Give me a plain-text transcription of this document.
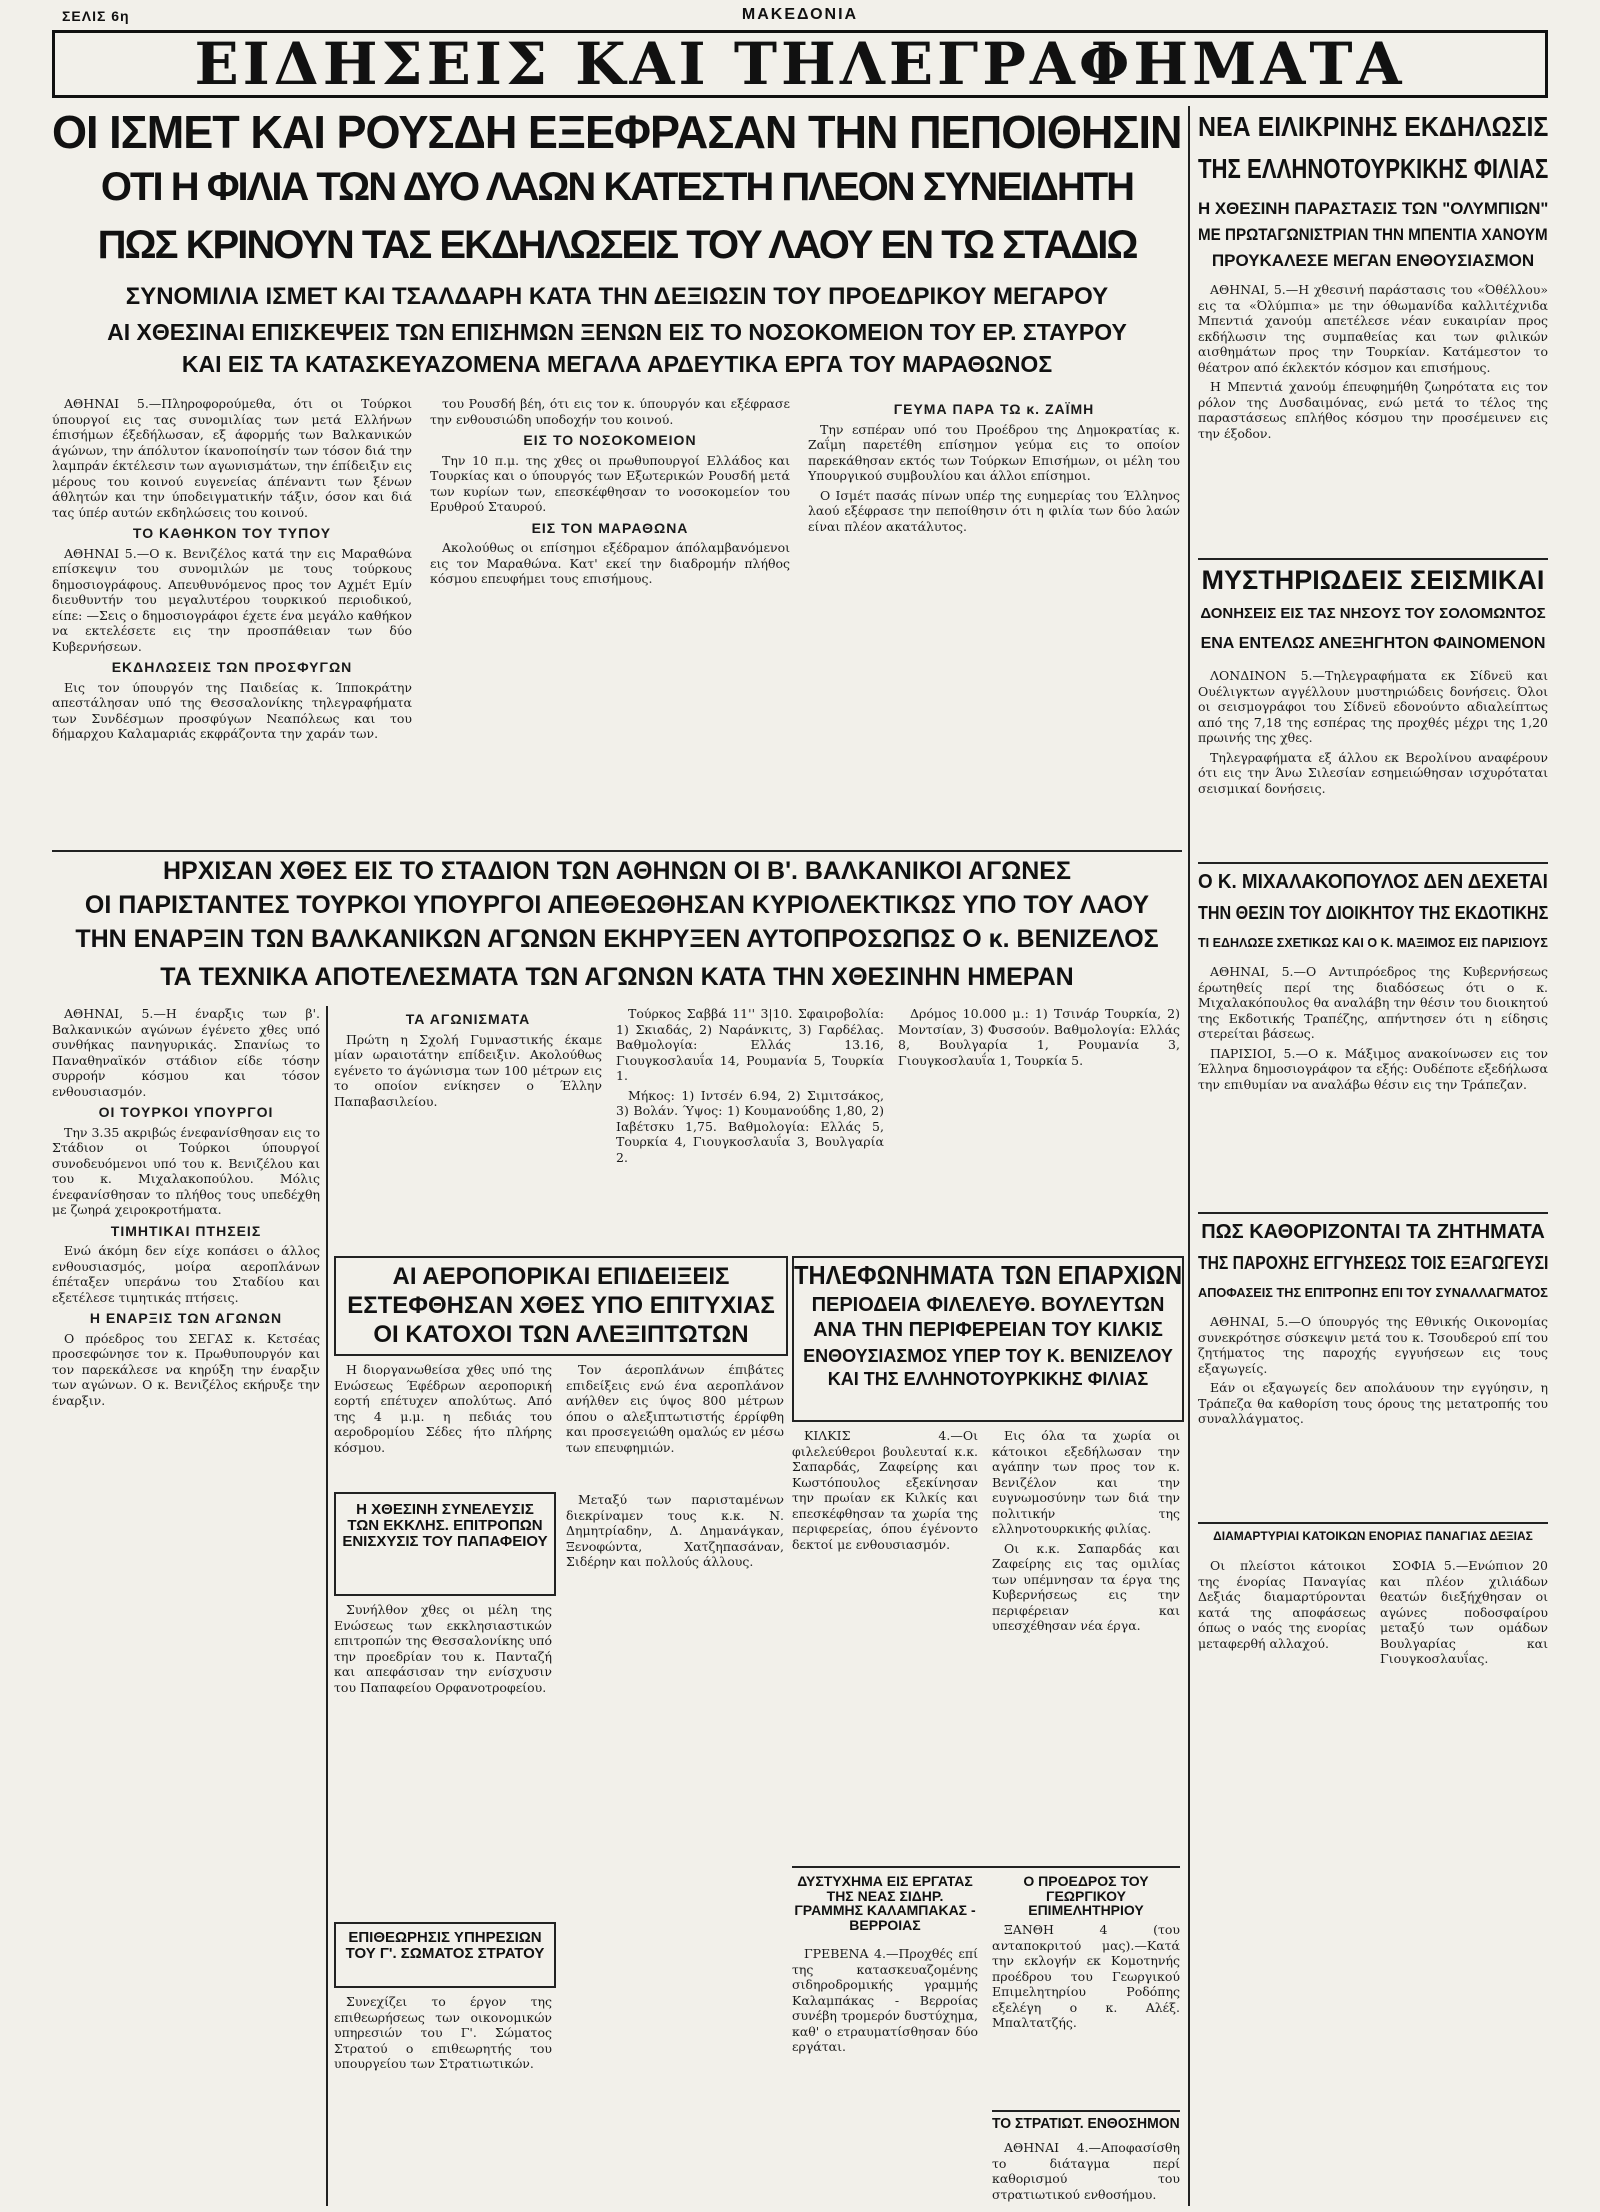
ΣΕΛΙΣ 6η	ΜΑΚΕΔΟΝΙΑ
ΕΙΔΗΣΕΙΣ ΚΑΙ ΤΗΛΕΓΡΑΦΗΜΑΤΑ
ΟΙ ΙΣΜΕΤ ΚΑΙ ΡΟΥΣΔΗ ΕΞΕΦΡΑΣΑΝ ΤΗΝ ΠΕΠΟΙΘΗΣΙΝ
ΟΤΙ Η ΦΙΛΙΑ ΤΩΝ ΔΥΟ ΛΑΩΝ ΚΑΤΕΣΤΗ ΠΛΕΟΝ ΣΥΝΕΙΔΗΤΗ
ΠΩΣ ΚΡΙΝΟΥΝ ΤΑΣ ΕΚΔΗΛΩΣΕΙΣ ΤΟΥ ΛΑΟΥ ΕΝ ΤΩ ΣΤΑΔΙΩ
ΣΥΝΟΜΙΛΙΑ ΙΣΜΕΤ ΚΑΙ ΤΣΑΛΔΑΡΗ ΚΑΤΑ ΤΗΝ ΔΕΞΙΩΣΙΝ ΤΟΥ ΠΡΟΕΔΡΙΚΟΥ ΜΕΓΑΡΟΥ
ΑΙ ΧΘΕΣΙΝΑΙ ΕΠΙΣΚΕΨΕΙΣ ΤΩΝ ΕΠΙΣΗΜΩΝ ΞΕΝΩΝ ΕΙΣ ΤΟ ΝΟΣΟΚΟΜΕΙΟΝ ΤΟΥ ΕΡ. ΣΤΑΥΡΟΥ
ΚΑΙ ΕΙΣ ΤΑ ΚΑΤΑΣΚΕΥΑΖΟΜΕΝΑ ΜΕΓΑΛΑ ΑΡΔΕΥΤΙΚΑ ΕΡΓΑ ΤΟΥ ΜΑΡΑΘΩΝΟΣ

ΑΘΗΝΑΙ 5.—Πληροφορούμεθα, ότι οι Τούρκοι ύπουργοί εις τας συνομιλίας των μετά Ελλήνων έπισήμων έξεδήλωσαν, εξ άφορμής των Βαλκανικών άγώνων, την άπόλυτον ίκανοποίησίν των τόσον διά την λαμπράν έκτέλεσιν των αγωνισμάτων, την έπίδειξιν εις μέρους του κοινού ευγενείας άπέναντι των ξένων άθλητών και την ύποδειγματικήν τάξιν, όσον και διά τας ύπέρ αυτών εκδηλώσεις του κοινού.

ΤΟ ΚΑΘΗΚΟΝ ΤΟΥ ΤΥΠΟΥ

ΑΘΗΝΑΙ 5.—Ο κ. Βενιζέλος κατά την εις Μαραθώνα επίσκεψιν του συνομιλών με τους τούρκους δημοσιογράφους. Απευθυνόμενος προς τον Αχμέτ Εμίν διευθυντήν του μεγαλυτέρου τουρκικού περιοδικού, είπε: —Σεις ο δημοσιογράφοι έχετε ένα μεγάλο καθήκον να εκτελέσετε εις την προσπάθειαν των δύο Κυβερνήσεων.

ΕΚΔΗΛΩΣΕΙΣ ΤΩΝ ΠΡΟΣΦΥΓΩΝ

Εις τον ύπουργόν της Παιδείας κ. Ίπποκράτην απεστάλησαν υπό της Θεσσαλονίκης τηλεγραφήματα των Συνδέσμων προσφύγων Νεαπόλεως και του δήμαρχου Καλαμαριάς εκφράζοντα την χαράν των.

του Ρουσδή βέη, ότι εις τον κ. ύπουργόν και εξέφρασε την ενθουσιώδη υποδοχήν του κοινού.

ΕΙΣ ΤΟ ΝΟΣΟΚΟΜΕΙΟΝ

Την 10 π.μ. της χθες οι πρωθυπουργοί Ελλάδος και Τουρκίας και ο ύπουργός των Εξωτερικών Ρουσδή μετά των κυρίων των, επεσκέφθησαν το νοσοκομείον του Ερυθρού Σταυρού.

ΕΙΣ ΤΟΝ ΜΑΡΑΘΩΝΑ

Ακολούθως οι επίσημοι εξέδραμον άπόλαμβανόμενοι εις τον Μαραθώνα. Κατ' εκεί την διαδρομήν πλήθος κόσμου επευφήμει τους επισήμους.

ΓΕΥΜΑ ΠΑΡΑ ΤΩ κ. ΖΑΪΜΗ

Την εσπέραν υπό του Προέδρου της Δημοκρατίας κ. Ζαΐμη παρετέθη επίσημον γεύμα εις το οποίον παρεκάθησαν εκτός των Τούρκων Επισήμων, οι μέλη του Υπουργικού συμβουλίου και άλλοι επίσημοι.

Ο Ισμέτ πασάς πίνων υπέρ της ευημερίας του Έλληνος λαού εξέφρασε την πεποίθησιν ότι η φιλία των δύο λαών είναι πλέον ακατάλυτος.

ΗΡΧΙΣΑΝ ΧΘΕΣ ΕΙΣ ΤΟ ΣΤΑΔΙΟΝ ΤΩΝ ΑΘΗΝΩΝ ΟΙ Β'. ΒΑΛΚΑΝΙΚΟΙ ΑΓΩΝΕΣ
ΟΙ ΠΑΡΙΣΤΑΝΤΕΣ ΤΟΥΡΚΟΙ ΥΠΟΥΡΓΟΙ ΑΠΕΘΕΩΘΗΣΑΝ ΚΥΡΙΟΛΕΚΤΙΚΩΣ ΥΠΟ ΤΟΥ ΛΑΟΥ
ΤΗΝ ΕΝΑΡΞΙΝ ΤΩΝ ΒΑΛΚΑΝΙΚΩΝ ΑΓΩΝΩΝ ΕΚΗΡΥΞΕΝ ΑΥΤΟΠΡΟΣΩΠΩΣ Ο κ. ΒΕΝΙΖΕΛΟΣ
ΤΑ ΤΕΧΝΙΚΑ ΑΠΟΤΕΛΕΣΜΑΤΑ ΤΩΝ ΑΓΩΝΩΝ ΚΑΤΑ ΤΗΝ ΧΘΕΣΙΝΗΝ ΗΜΕΡΑΝ

ΑΘΗΝΑΙ, 5.—Η έναρξις των β'. Βαλκανικών αγώνων έγένετο χθες υπό συνθήκας πανηγυρικάς. Σπανίως το Παναθηναϊκόν στάδιον είδε τόσην συρροήν κόσμου και τόσον ενθουσιασμόν.

ΟΙ ΤΟΥΡΚΟΙ ΥΠΟΥΡΓΟΙ

Την 3.35 ακριβώς ένεφανίσθησαν εις το Στάδιον οι Τούρκοι ύπουργοί συνοδευόμενοι υπό του κ. Βενιζέλου και του κ. Μιχαλακοπούλου. Μόλις ένεφανίσθησαν το πλήθος τους υπεδέχθη με ζωηρά χειροκροτήματα.

ΤΙΜΗΤΙΚΑΙ ΠΤΗΣΕΙΣ

Ενώ άκόμη δεν είχε κοπάσει ο άλλος ενθουσιασμός, μοίρα αεροπλάνων έπέταξεν υπεράνω του Σταδίου και εξετέλεσε τιμητικάς πτήσεις.

Η ΕΝΑΡΞΙΣ ΤΩΝ ΑΓΩΝΩΝ

Ο πρόεδρος του ΣΕΓΑΣ κ. Κετσέας προσεφώνησε τον κ. Πρωθυπουργόν και τον παρεκάλεσε να κηρύξη την έναρξιν των αγώνων. Ο κ. Βενιζέλος εκήρυξε την έναρξιν.

ΤΑ ΑΓΩΝΙΣΜΑΤΑ

Πρώτη η Σχολή Γυμναστικής έκαμε μίαν ωραιοτάτην επίδειξιν. Ακολούθως εγένετο το άγώνισμα των 100 μέτρων εις το οποίον ενίκησεν ο Έλλην Παπαβασιλείου.

Τούρκος Σαββά 11'' 3|10. Σφαιροβολία: 1) Σκιαδάς, 2) Ναράνκιτς, 3) Γαρδέλας. Βαθμολογία: Ελλάς 13.16, Γιουγκοσλαυΐα 14, Ρουμανία 5, Τουρκία 1.

Μήκος: 1) Ιντσέν 6.94, 2) Σιμιτσάκος, 3) Βολάν. Ύψος: 1) Κουμανούδης 1,80, 2) Ιαβέτσκυ 1,75. Βαθμολογία: Ελλάς 5, Τουρκία 4, Γιουγκοσλαυΐα 3, Βουλγαρία 2.

Δρόμος 10.000 μ.: 1) Τσινάρ Τουρκία, 2) Μοντσίαν, 3) Φυσσούν. Βαθμολογία: Ελλάς 8, Βουλγαρία 1, Ρουμανία 3, Γιουγκοσλαυΐα 1, Τουρκία 5.

ΑΙ ΑΕΡΟΠΟΡΙΚΑΙ ΕΠΙΔΕΙΞΕΙΣ
ΕΣΤΕΦΘΗΣΑΝ ΧΘΕΣ ΥΠΟ ΕΠΙΤΥΧΙΑΣ
ΟΙ ΚΑΤΟΧΟΙ ΤΩΝ ΑΛΕΞΙΠΤΩΤΩΝ

Η διοργανωθείσα χθες υπό της Ενώσεως Έφέδρων αεροπορική εορτή επέτυχεν απολύτως. Από της 4 μ.μ. η πεδιάς του αεροδρομίου Σέδες ήτο πλήρης κόσμου.

Τον άεροπλάνων έπιβάτες επιδείξεις ενώ ένα αεροπλάνον ανήλθεν εις ύψος 800 μέτρων όπου ο αλεξιπτωτιστής έρρίφθη και προσεγειώθη ομαλώς εν μέσω των επευφημιών.

Η ΧΘΕΣΙΝΗ ΣΥΝΕΛΕΥΣΙΣ ΤΩΝ ΕΚΚΛΗΣ. ΕΠΙΤΡΟΠΩΝ ΕΝΙΣΧΥΣΙΣ ΤΟΥ ΠΑΠΑΦΕΙΟΥ

Συνήλθον χθες οι μέλη της Ενώσεως των εκκλησιαστικών επιτροπών της Θεσσαλονίκης υπό την προεδρίαν του κ. Πανταζή και απεφάσισαν την ενίσχυσιν του Παπαφείου Ορφανοτροφείου.

Μεταξύ των παρισταμένων διεκρίναμεν τους κ.κ. Ν. Δημητρίαδην, Δ. Δημανάγκαν, Ξενοφώντα, Χατζηπασάναν, Σιδέρην και πολλούς άλλους.

ΕΠΙΘΕΩΡΗΣΙΣ ΥΠΗΡΕΣΙΩΝ ΤΟΥ Γ'. ΣΩΜΑΤΟΣ ΣΤΡΑΤΟΥ

Συνεχίζει το έργον της επιθεωρήσεως των οικονομικών υπηρεσιών του Γ'. Σώματος Στρατού ο επιθεωρητής του υπουργείου των Στρατιωτικών.

ΤΗΛΕΦΩΝΗΜΑΤΑ ΤΩΝ ΕΠΑΡΧΙΩΝ
ΠΕΡΙΟΔΕΙΑ ΦΙΛΕΛΕΥΘ. ΒΟΥΛΕΥΤΩΝ
ΑΝΑ ΤΗΝ ΠΕΡΙΦΕΡΕΙΑΝ ΤΟΥ ΚΙΛΚΙΣ
ΕΝΘΟΥΣΙΑΣΜΟΣ ΥΠΕΡ ΤΟΥ Κ. ΒΕΝΙΖΕΛΟΥ
ΚΑΙ ΤΗΣ ΕΛΛΗΝΟΤΟΥΡΚΙΚΗΣ ΦΙΛΙΑΣ

ΚΙΛΚΙΣ 4.—Οι φιλελεύθεροι βουλευταί κ.κ. Σαπαρδάς, Ζαφείρης και Κωστόπουλος εξεκίνησαν την πρωίαν εκ Κιλκίς και επεσκέφθησαν τα χωρία της περιφερείας, όπου έγένοντο δεκτοί με ενθουσιασμόν.

Εις όλα τα χωρία οι κάτοικοι εξεδήλωσαν την αγάπην των προς τον κ. Βενιζέλον και την ευγνωμοσύνην των διά την πολιτικήν της ελληνοτουρκικής φιλίας.

Οι κ.κ. Σαπαρδάς και Ζαφείρης εις τας ομιλίας των υπέμνησαν τα έργα της Κυβερνήσεως εις την περιφέρειαν και υπεσχέθησαν νέα έργα.

ΔΥΣΤΥΧΗΜΑ ΕΙΣ ΕΡΓΑΤΑΣ ΤΗΣ ΝΕΑΣ ΣΙΔΗΡ. ΓΡΑΜΜΗΣ ΚΑΛΑΜΠΑΚΑΣ - ΒΕΡΡΟΙΑΣ

ΓΡΕΒΕΝΑ 4.—Προχθές επί της κατασκευαζομένης σιδηροδρομικής γραμμής Καλαμπάκας - Βερροίας συνέβη τρομερόν δυστύχημα, καθ' ο ετραυματίσθησαν δύο εργάται.

Ο ΠΡΟΕΔΡΟΣ ΤΟΥ ΓΕΩΡΓΙΚΟΥ ΕΠΙΜΕΛΗΤΗΡΙΟΥ

ΞΑΝΘΗ 4 (του ανταποκριτού μας).—Κατά την εκλογήν εκ Κομοτηνής προέδρου του Γεωργικού Επιμελητηρίου Ροδόπης εξελέγη ο κ. Αλέξ. Μπαλτατζής.

ΤΟ ΣΤΡΑΤΙΩΤ. ΕΝΘΟΣΗΜΟΝ

ΑΘΗΝΑΙ 4.—Αποφασίσθη το διάταγμα περί καθορισμού του στρατιωτικού ενθοσήμου.

ΝΕΑ ΕΙΛΙΚΡΙΝΗΣ ΕΚΔΗΛΩΣΙΣ
ΤΗΣ ΕΛΛΗΝΟΤΟΥΡΚΙΚΗΣ ΦΙΛΙΑΣ
Η ΧΘΕΣΙΝΗ ΠΑΡΑΣΤΑΣΙΣ ΤΩΝ "ΟΛΥΜΠΙΩΝ"
ΜΕ ΠΡΩΤΑΓΩΝΙΣΤΡΙΑΝ ΤΗΝ ΜΠΕΝΤΙΑ ΧΑΝΟΥΜ
ΠΡΟΥΚΑΛΕΣΕ ΜΕΓΑΝ ΕΝΘΟΥΣΙΑΣΜΟΝ

ΑΘΗΝΑΙ, 5.—Η χθεσινή παράστασις του «Όθέλλου» εις τα «Όλύμπια» με την όθωμανίδα καλλιτέχνιδα Μπεντιά χανούμ απετέλεσε νέαν ευκαιρίαν προς εκδήλωσιν της συμπαθείας και των φιλικών αισθημάτων προς την Τουρκίαν. Κατάμεστον το θέατρον από έκλεκτόν κόσμον και επισήμους.

Η Μπεντιά χανούμ έπευφημήθη ζωηρότατα εις τον ρόλον της Δυσδαιμόνας, ενώ μετά το τέλος της παραστάσεως επλήθος κόσμου την προσέμεινεν εις την έξοδον.

ΜΥΣΤΗΡΙΩΔΕΙΣ ΣΕΙΣΜΙΚΑΙ
ΔΟΝΗΣΕΙΣ ΕΙΣ ΤΑΣ ΝΗΣΟΥΣ ΤΟΥ ΣΟΛΟΜΩΝΤΟΣ
ΕΝΑ ΕΝΤΕΛΩΣ ΑΝΕΞΗΓΗΤΟΝ ΦΑΙΝΟΜΕΝΟΝ

ΛΟΝΔΙΝΟΝ 5.—Τηλεγραφήματα εκ Σίδνεϋ και Ουέλιγκτων αγγέλλουν μυστηριώδεις δονήσεις. Όλοι οι σεισμογράφοι του Σίδνεϋ εδονούντο αδιαλείπτως από της 7,18 της εσπέρας της προχθές μέχρι της 1,20 πρωινής της χθες.

Τηλεγραφήματα εξ άλλου εκ Βερολίνου αναφέρουν ότι εις την Άνω Σιλεσίαν εσημειώθησαν ισχυρόταται σεισμικαί δονήσεις.

Ο Κ. ΜΙΧΑΛΑΚΟΠΟΥΛΟΣ ΔΕΝ ΔΕΧΕΤΑΙ
ΤΗΝ ΘΕΣΙΝ ΤΟΥ ΔΙΟΙΚΗΤΟΥ ΤΗΣ ΕΚΔΟΤΙΚΗΣ
ΤΙ ΕΔΗΛΩΣΕ ΣΧΕΤΙΚΩΣ ΚΑΙ Ο Κ. ΜΑΞΙΜΟΣ ΕΙΣ ΠΑΡΙΣΙΟΥΣ

ΑΘΗΝΑΙ, 5.—Ο Αντιπρόεδρος της Κυβερνήσεως έρωτηθείς περί της διαδόσεως ότι ο κ. Μιχαλακόπουλος θα αναλάβη την θέσιν του διοικητού της Εκδοτικής Τραπέζης, απήντησεν ότι η είδησις στερείται βάσεως.

ΠΑΡΙΣΙΟΙ, 5.—Ο κ. Μάξιμος ανακοίνωσεν εις τον Έλληνα δημοσιογράφον τα εξής: Ουδέποτε εξεδήλωσα την επιθυμίαν να αναλάβω θέσιν εις την Τράπεζαν.

ΠΩΣ ΚΑΘΟΡΙΖΟΝΤΑΙ ΤΑ ΖΗΤΗΜΑΤΑ
ΤΗΣ ΠΑΡΟΧΗΣ ΕΓΓΥΗΣΕΩΣ ΤΟΙΣ ΕΞΑΓΩΓΕΥΣΙ
ΑΠΟΦΑΣΕΙΣ ΤΗΣ ΕΠΙΤΡΟΠΗΣ ΕΠΙ ΤΟΥ ΣΥΝΑΛΛΑΓΜΑΤΟΣ

ΑΘΗΝΑΙ, 5.—Ο ύπουργός της Εθνικής Οικονομίας συνεκρότησε σύσκεψιν μετά του κ. Τσουδερού επί του ζητήματος της παροχής εγγυήσεων εις τους εξαγωγείς.

Εάν οι εξαγωγείς δεν απολάυουν την εγγύησιν, η Τράπεζα θα καθορίση τους όρους της μετατροπής του συναλλάγματος.

ΔΙΑΜΑΡΤΥΡΙΑΙ ΚΑΤΟΙΚΩΝ ΕΝΟΡΙΑΣ ΠΑΝΑΓΙΑΣ ΔΕΞΙΑΣ

Οι πλείστοι κάτοικοι της ένορίας Παναγίας Δεξιάς διαμαρτύρονται κατά της αποφάσεως όπως ο ναός της ενορίας μεταφερθή αλλαχού.

ΣΟΦΙΑ 5.—Ενώπιον 20 και πλέον χιλιάδων θεατών διεξήχθησαν οι αγώνες ποδοσφαίρου μεταξύ των ομάδων Βουλγαρίας και Γιουγκοσλαυΐας.
